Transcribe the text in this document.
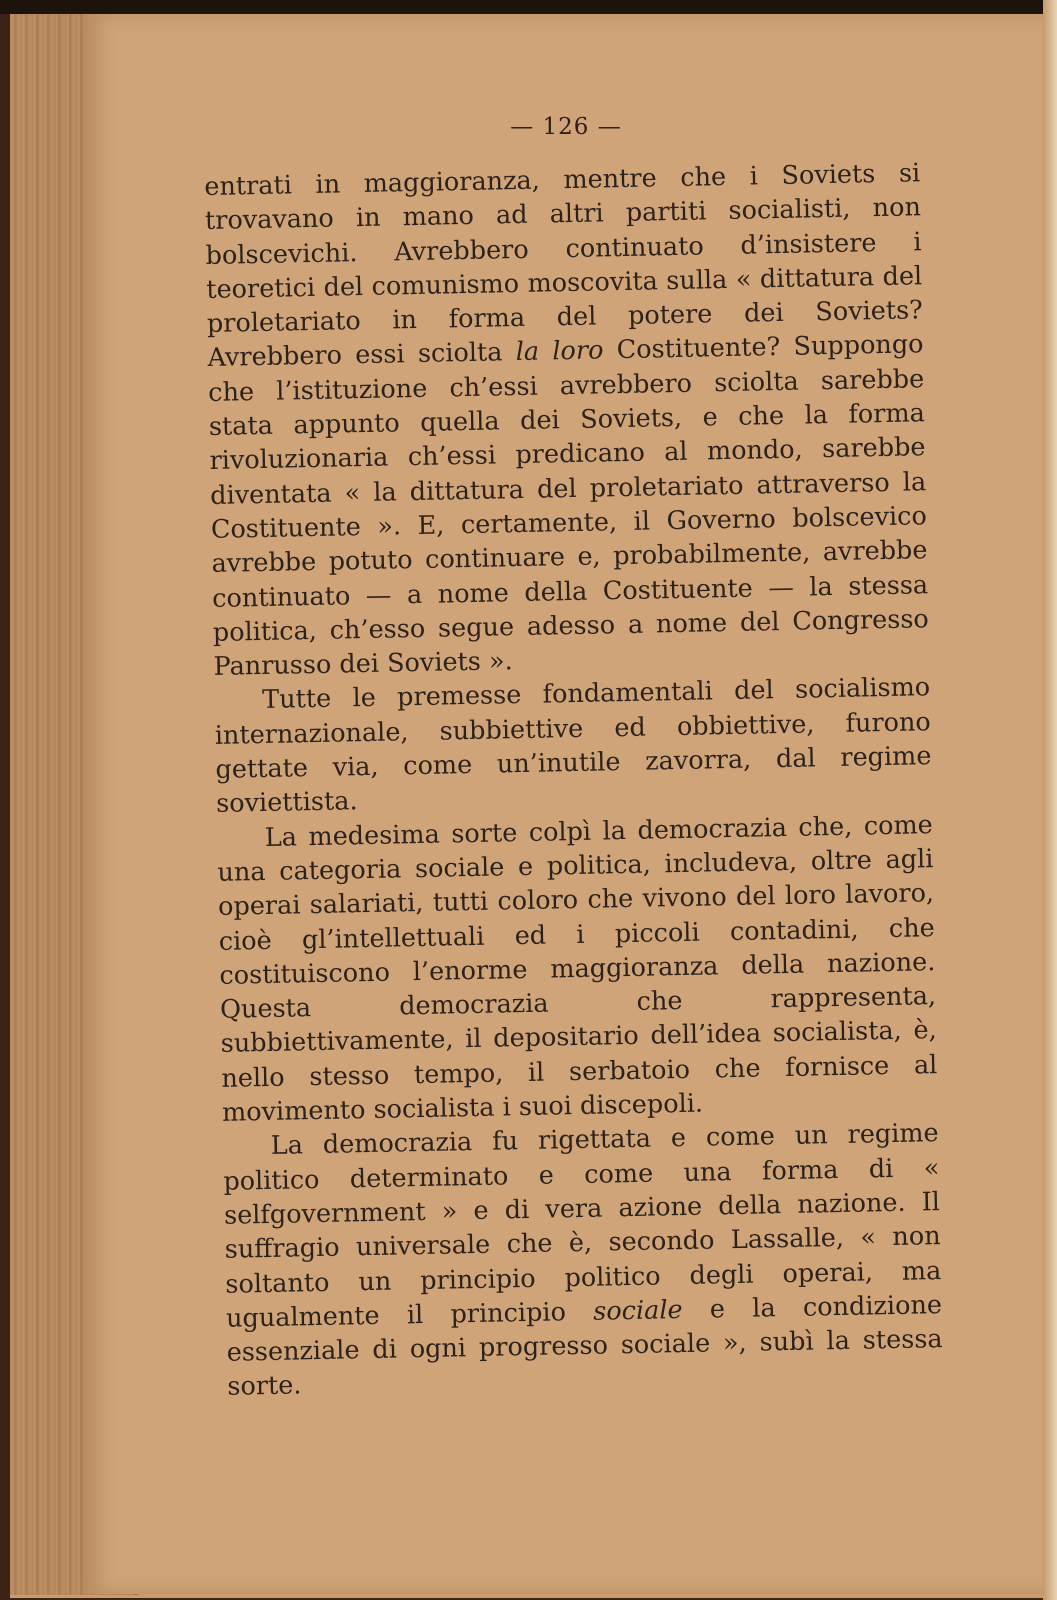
— 126 —

entrati in maggioranza, mentre che i Soviets si trovavano in mano ad altri partiti socialisti, non bolscevichi. Avrebbero continuato d’insistere i teoretici del comunismo moscovita sulla « dittatura del proletariato in forma del potere dei Soviets? Avrebbero essi sciolta la loro Costituente? Suppongo che l’istituzione ch’essi avrebbero sciolta sarebbe stata appunto quella dei Soviets, e che la forma rivoluzionaria ch’essi predicano al mondo, sarebbe diventata « la dittatura del proletariato attraverso la Costituente ». E, certamente, il Governo bolscevico avrebbe potuto continuare e, probabilmente, avrebbe continuato — a nome della Costituente — la stessa politica, ch’esso segue adesso a nome del Congresso Panrusso dei Soviets ».

Tutte le premesse fondamentali del socialismo internazionale, subbiettive ed obbiettive, furono gettate via, come un’inutile zavorra, dal regime soviettista.

La medesima sorte colpì la democrazia che, come una categoria sociale e politica, includeva, oltre agli operai salariati, tutti coloro che vivono del loro lavoro, cioè gl’intellettuali ed i piccoli contadini, che costituiscono l’enorme maggioranza della nazione. Questa democrazia che rappresenta, subbiettivamente, il depositario dell’idea socialista, è, nello stesso tempo, il serbatoio che fornisce al movimento socialista i suoi discepoli.

La democrazia fu rigettata e come un regime politico determinato e come una forma di « selfgovernment » e di vera azione della nazione. Il suffragio universale che è, secondo Lassalle, « non soltanto un principio politico degli operai, ma ugualmente il principio sociale e la condizione essenziale di ogni progresso sociale », subì la stessa sorte.
